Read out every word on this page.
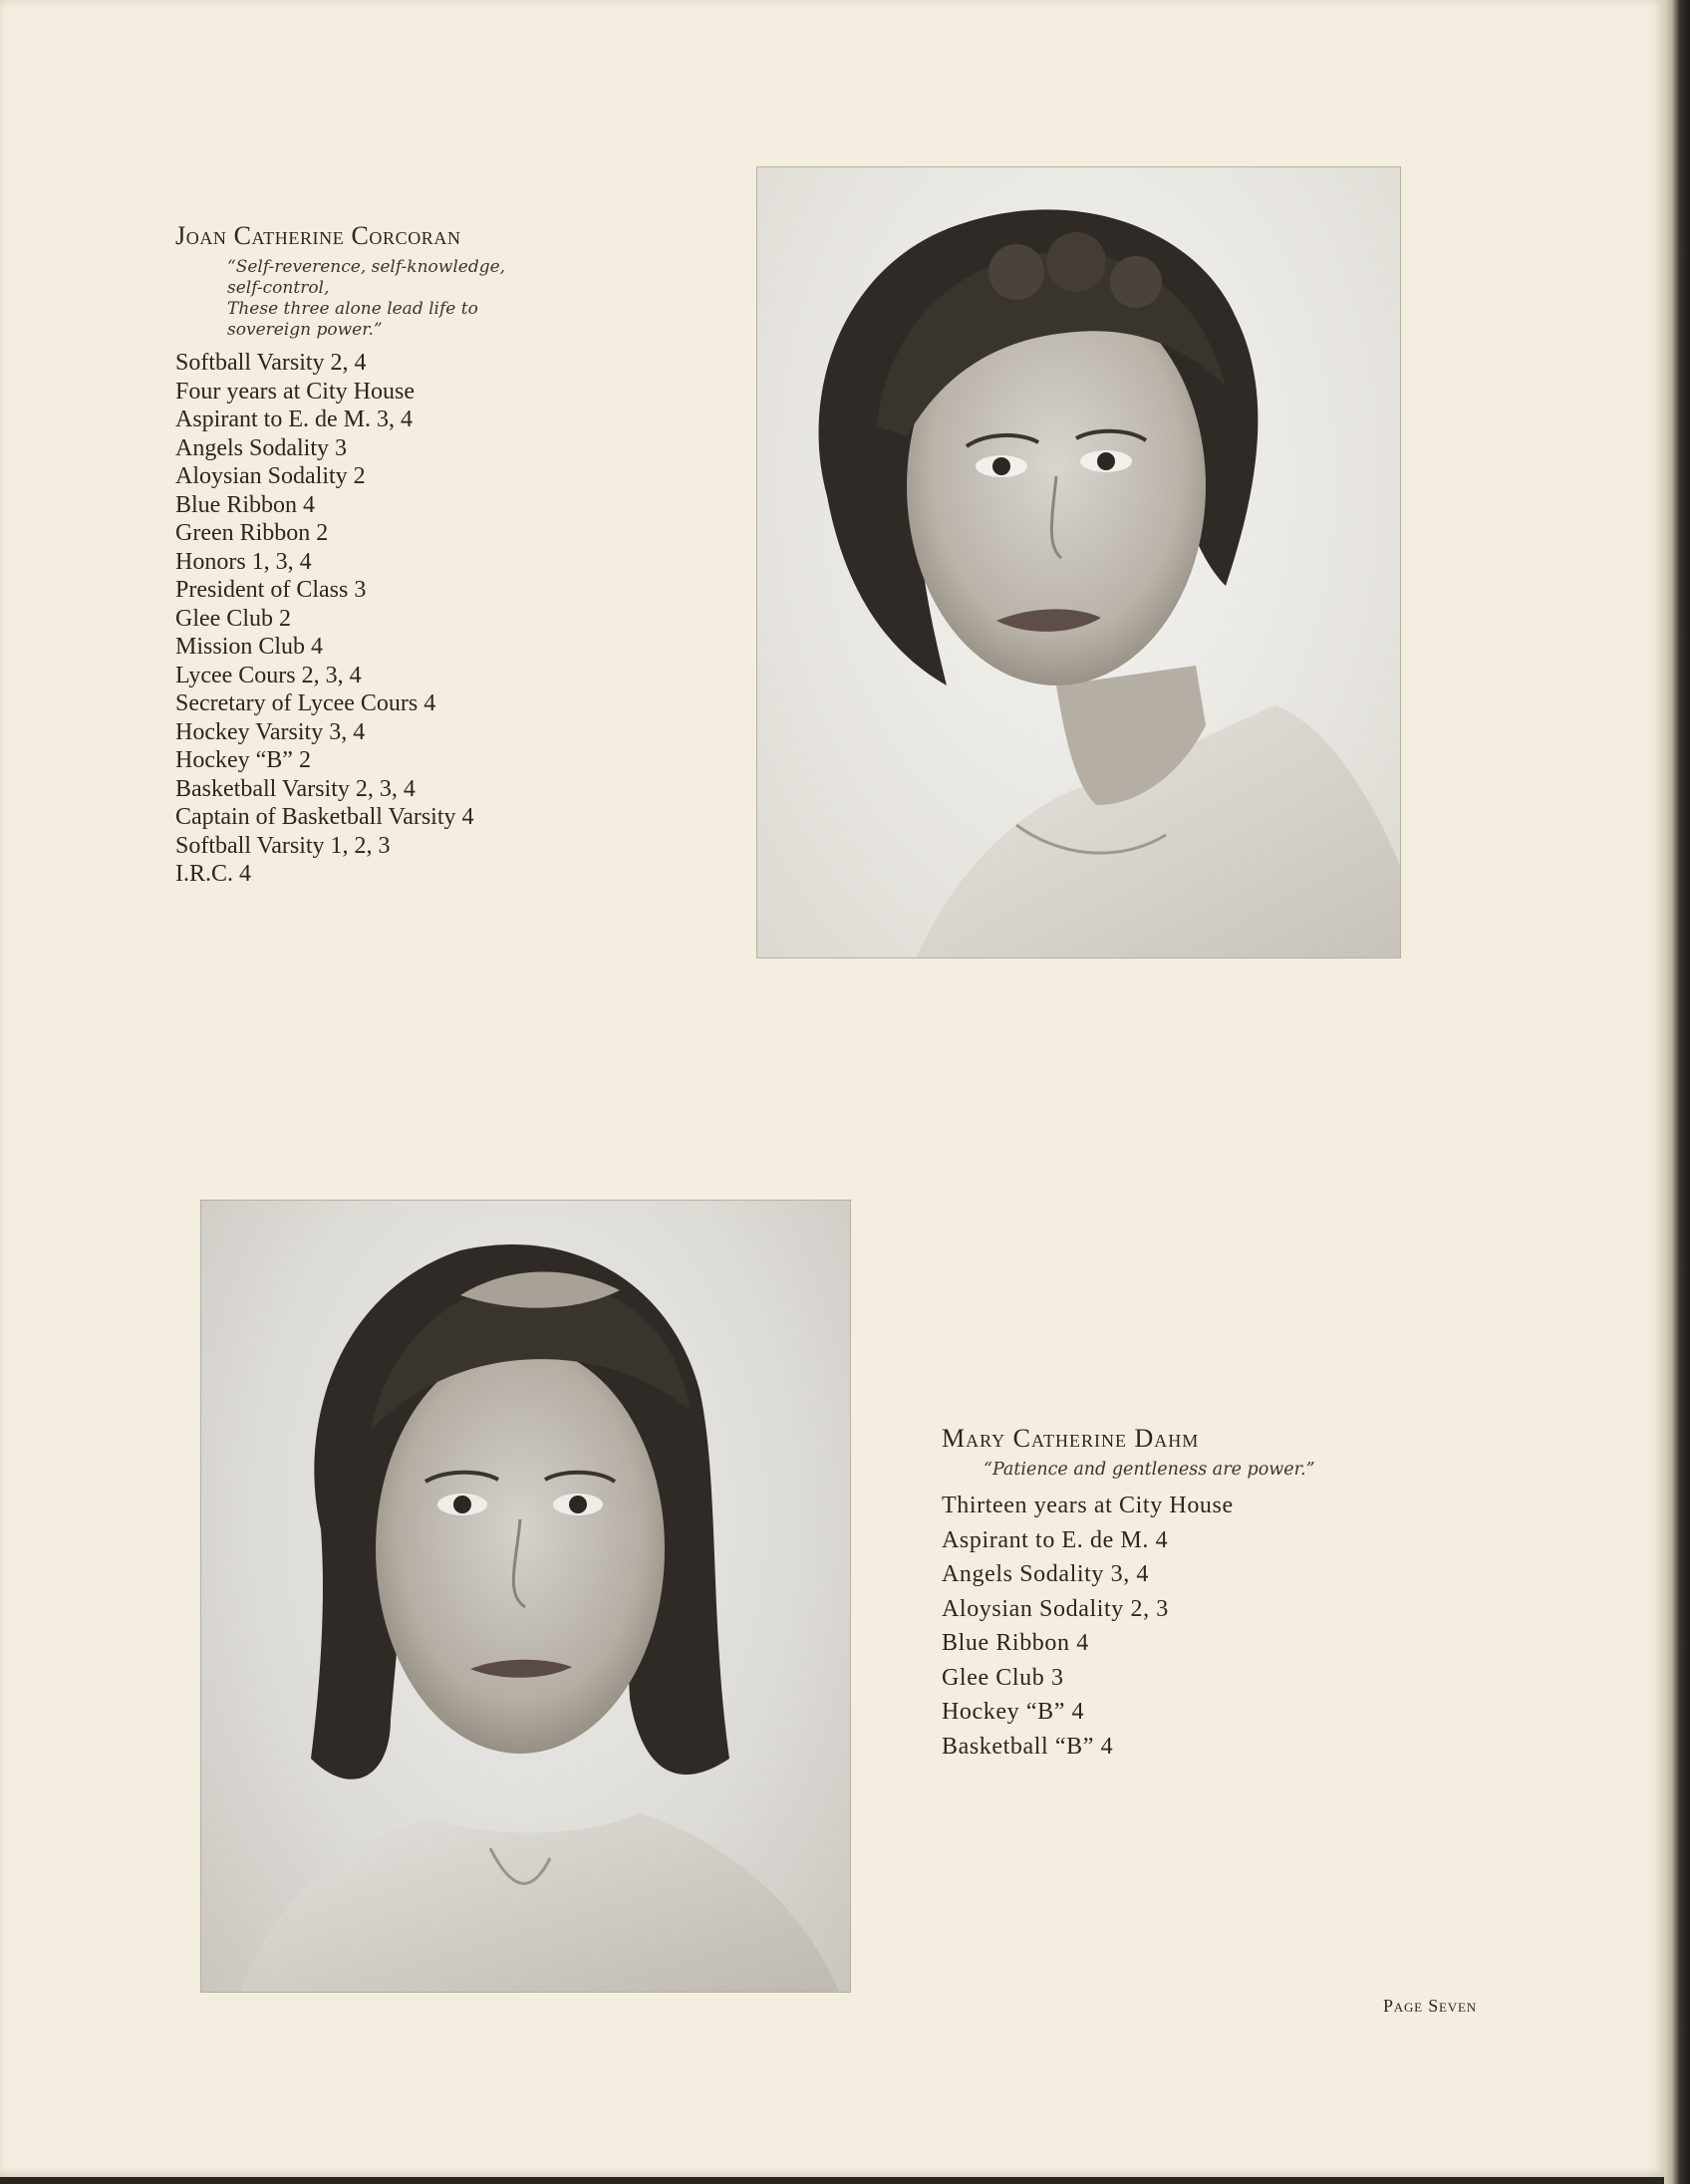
Joan Catherine Corcoran
“Self-reverence, self-knowledge,
self-control,
These three alone lead life to
sovereign power.”
Softball Varsity 2, 4
Four years at City House
Aspirant to E. de M. 3, 4
Angels Sodality 3
Aloysian Sodality 2
Blue Ribbon 4
Green Ribbon 2
Honors 1, 3, 4
President of Class 3
Glee Club 2
Mission Club 4
Lycee Cours 2, 3, 4
Secretary of Lycee Cours 4
Hockey Varsity 3, 4
Hockey “B” 2
Basketball Varsity 2, 3, 4
Captain of Basketball Varsity 4
Softball Varsity 1, 2, 3
I.R.C. 4
Mary Catherine Dahm
“Patience and gentleness are power.”
Thirteen years at City House
Aspirant to E. de M. 4
Angels Sodality 3, 4
Aloysian Sodality 2, 3
Blue Ribbon 4
Glee Club 3
Hockey “B” 4
Basketball “B” 4
Page Seven
